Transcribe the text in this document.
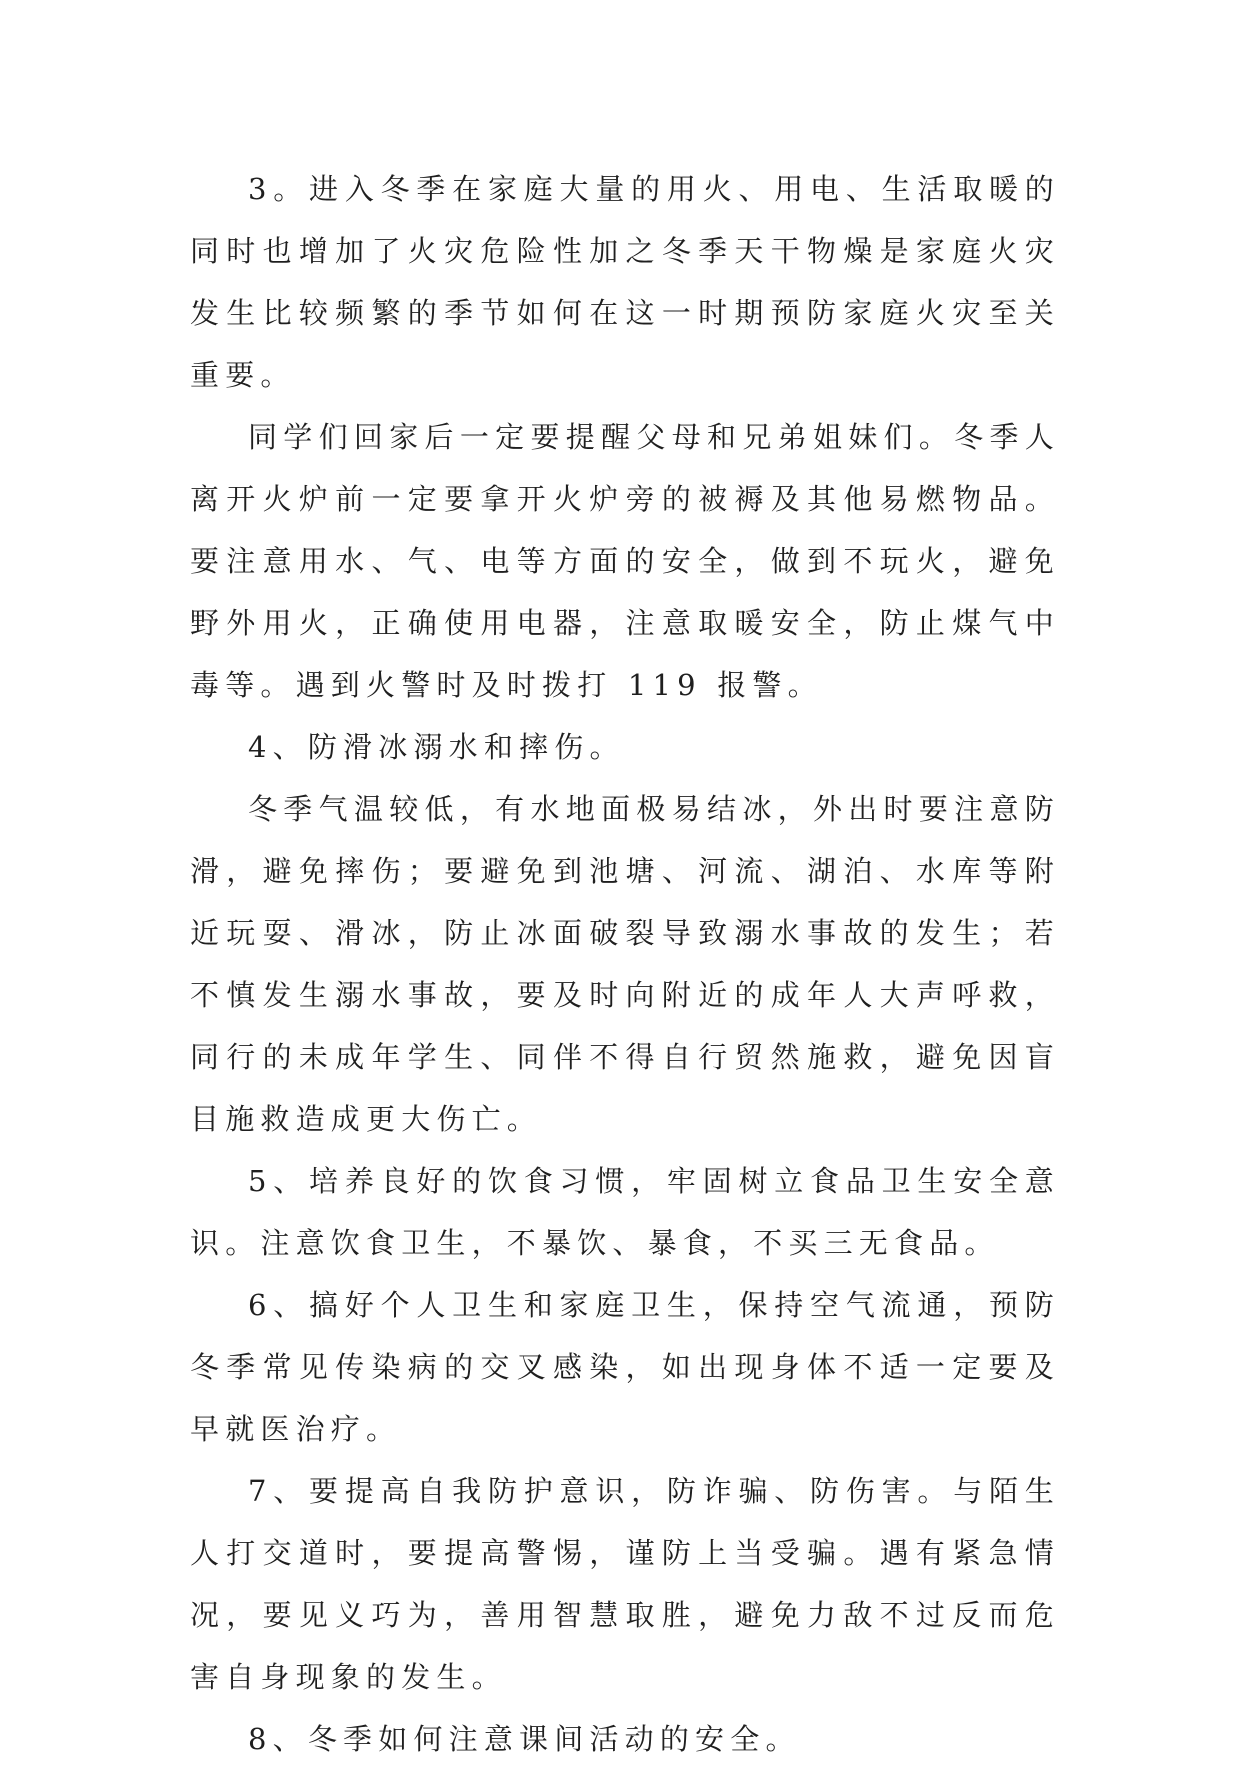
3。进入冬季在家庭大量的用火、用电、生活取暖的同时也增加了火灾危险性加之冬季天干物燥是家庭火灾发生比较频繁的季节如何在这一时期预防家庭火灾至关重要。

同学们回家后一定要提醒父母和兄弟姐妹们。冬季人离开火炉前一定要拿开火炉旁的被褥及其他易燃物品。要注意用水、气、电等方面的安全，做到不玩火，避免野外用火，正确使用电器，注意取暖安全，防止煤气中毒等。遇到火警时及时拨打 119 报警。

4、防滑冰溺水和摔伤。

冬季气温较低，有水地面极易结冰，外出时要注意防滑，避免摔伤；要避免到池塘、河流、湖泊、水库等附近玩耍、滑冰，防止冰面破裂导致溺水事故的发生；若不慎发生溺水事故，要及时向附近的成年人大声呼救，同行的未成年学生、同伴不得自行贸然施救，避免因盲目施救造成更大伤亡。

5、培养良好的饮食习惯，牢固树立食品卫生安全意识。注意饮食卫生，不暴饮、暴食，不买三无食品。

6、搞好个人卫生和家庭卫生，保持空气流通，预防冬季常见传染病的交叉感染，如出现身体不适一定要及早就医治疗。

7、要提高自我防护意识，防诈骗、防伤害。与陌生人打交道时，要提高警惕，谨防上当受骗。遇有紧急情况，要见义巧为，善用智慧取胜，避免力敌不过反而危害自身现象的发生。

8、冬季如何注意课间活动的安全。
